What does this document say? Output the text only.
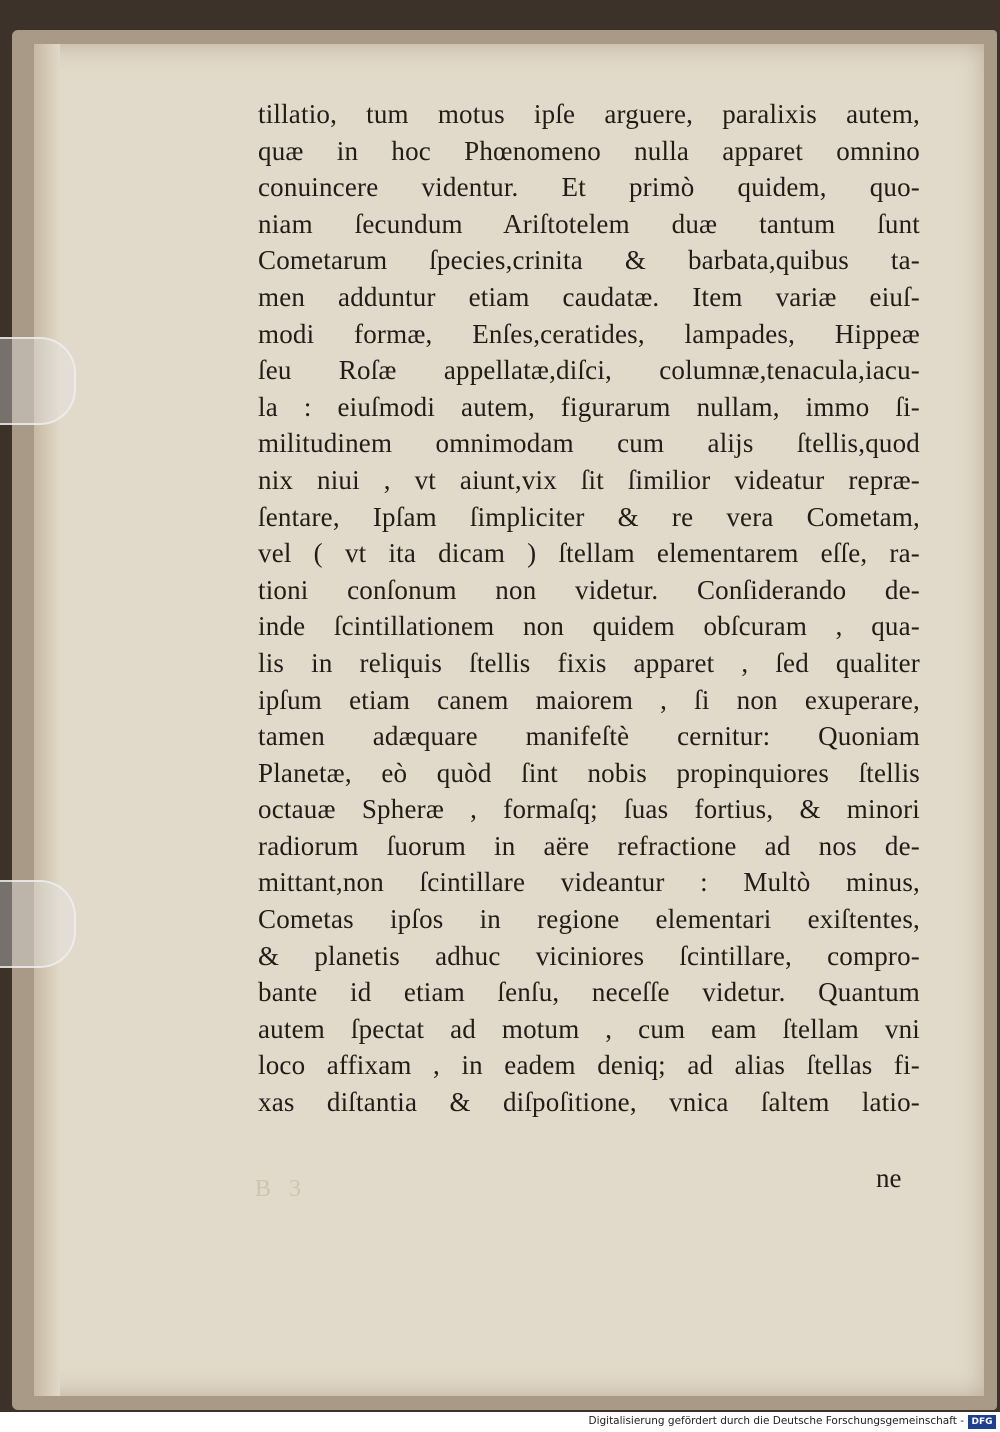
tillatio, tum motus ipſe arguere, paralixis autem,
quæ in hoc Phœnomeno nulla apparet omnino
conuincere videntur. Et primò quidem, quo-
niam ſecundum Ariſtotelem duæ tantum ſunt
Cometarum ſpecies,crinita & barbata,quibus ta-
men adduntur etiam caudatæ. Item variæ eiuſ-
modi formæ, Enſes,ceratides, lampades, Hippeæ
ſeu Roſæ appellatæ,diſci, columnæ,tenacula,iacu-
la : eiuſmodi autem, figurarum nullam, immo ſi-
militudinem omnimodam cum alijs ſtellis,quod
nix niui , vt aiunt,vix ſit ſimilior videatur repræ-
ſentare, Ipſam ſimpliciter & re vera Cometam,
vel ( vt ita dicam ) ſtellam elementarem eſſe, ra-
tioni conſonum non videtur. Conſiderando de-
inde ſcintillationem non quidem obſcuram , qua-
lis in reliquis ſtellis fixis apparet , ſed qualiter
ipſum etiam canem maiorem , ſi non exuperare,
tamen adæquare manifeſtè cernitur: Quoniam
Planetæ, eò quòd ſint nobis propinquiores ſtellis
octauæ Spheræ , formaſq; ſuas fortius, & minori
radiorum ſuorum in aëre refractione ad nos de-
mittant,non ſcintillare videantur : Multò minus,
Cometas ipſos in regione elementari exiſtentes,
& planetis adhuc viciniores ſcintillare, compro-
bante id etiam ſenſu, neceſſe videtur. Quantum
autem ſpectat ad motum , cum eam ſtellam vni
loco affixam , in eadem deniq; ad alias ſtellas fi-
xas diſtantia & diſpoſitione, vnica ſaltem latio-
B 3	ne
Digitalisierung gefördert durch die Deutsche Forschungsgemeinschaft - DFG
